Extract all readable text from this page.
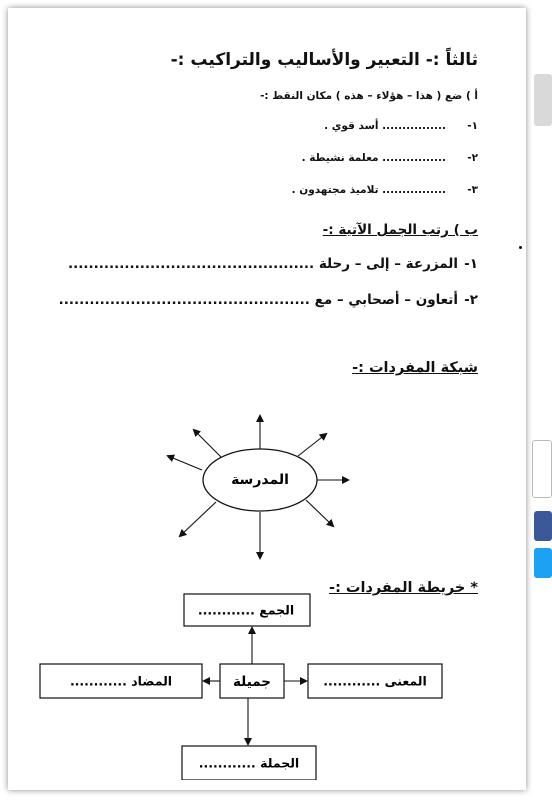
ثالثاً :- التعبير والأساليب والتراكيب :-
أ ) ضع ( هذا – هؤلاء – هذه ) مكان النقط :-
١-
................ أسد قوي .
٢-
................ معلمة نشيطة .
٣-
................ تلاميذ مجتهدون .
ب ) رتب الجمل الآتية :-
١-
المزرعة – إلى – رحلة ................................................
٢-
أتعاون – أصحابي – مع .................................................
شبكة المفردات :-
المدرسة
* خريطة المفردات :-
الجمع ............
جميلة
المضاد ............	المعنى ............
الجملة ............
